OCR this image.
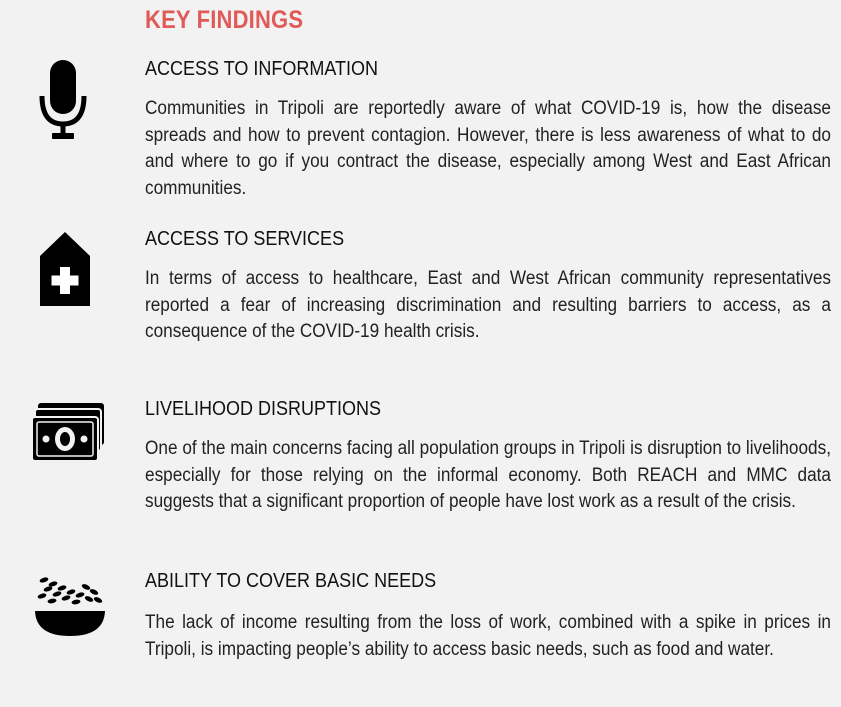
KEY FINDINGS
ACCESS TO INFORMATION
Communities in Tripoli are reportedly aware of what COVID-19 is, how the disease spreads and how to prevent contagion. However, there is less awareness of what to do and where to go if you contract the disease, especially among West and East African communities.
ACCESS TO SERVICES
In terms of access to healthcare, East and West African community representatives reported a fear of increasing discrimination and resulting barriers to access, as a consequence of the COVID-19 health crisis.
LIVELIHOOD DISRUPTIONS
One of the main concerns facing all population groups in Tripoli is disruption to livelihoods, especially for those relying on the informal economy. Both REACH and MMC data suggests that a significant proportion of people have lost work as a result of the crisis.
ABILITY TO COVER BASIC NEEDS
The lack of income resulting from the loss of work, combined with a spike in prices in Tripoli, is impacting people’s ability to access basic needs, such as food and water.
